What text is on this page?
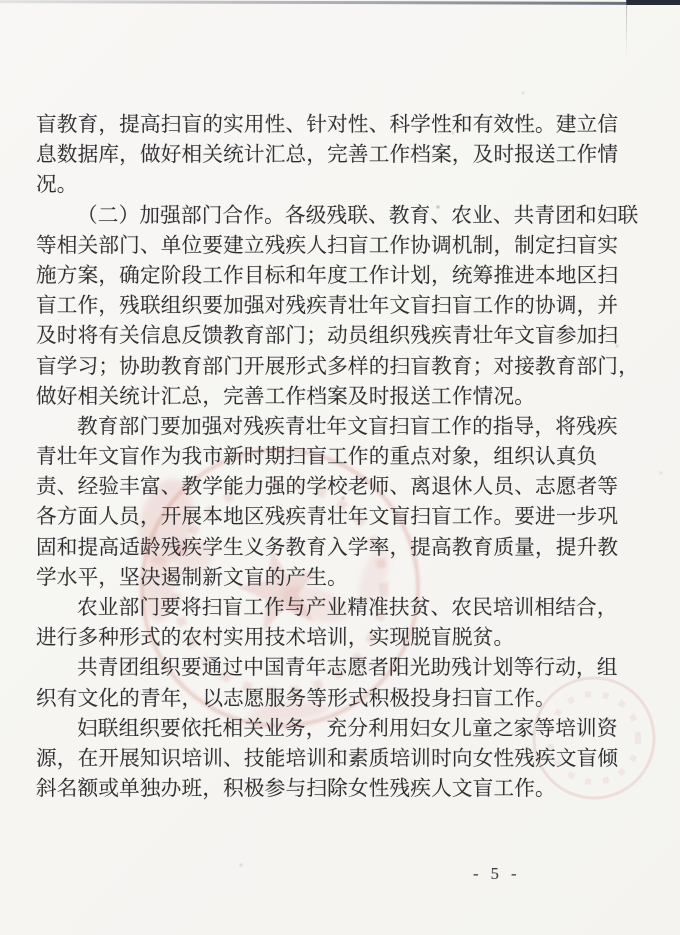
盲教育，提高扫盲的实用性、针对性、科学性和有效性。建立信
息数据库，做好相关统计汇总，完善工作档案，及时报送工作情
况。
（二）加强部门合作。各级残联、教育、农业、共青团和妇联
等相关部门、单位要建立残疾人扫盲工作协调机制，制定扫盲实
施方案，确定阶段工作目标和年度工作计划，统筹推进本地区扫
盲工作，残联组织要加强对残疾青壮年文盲扫盲工作的协调，并
及时将有关信息反馈教育部门；动员组织残疾青壮年文盲参加扫
盲学习；协助教育部门开展形式多样的扫盲教育；对接教育部门，
做好相关统计汇总，完善工作档案及时报送工作情况。
教育部门要加强对残疾青壮年文盲扫盲工作的指导，将残疾
青壮年文盲作为我市新时期扫盲工作的重点对象，组织认真负
责、经验丰富、教学能力强的学校老师、离退休人员、志愿者等
各方面人员，开展本地区残疾青壮年文盲扫盲工作。要进一步巩
固和提高适龄残疾学生义务教育入学率，提高教育质量，提升教
学水平，坚决遏制新文盲的产生。
农业部门要将扫盲工作与产业精准扶贫、农民培训相结合，
进行多种形式的农村实用技术培训，实现脱盲脱贫。
共青团组织要通过中国青年志愿者阳光助残计划等行动，组
织有文化的青年，以志愿服务等形式积极投身扫盲工作。
妇联组织要依托相关业务，充分利用妇女儿童之家等培训资
源，在开展知识培训、技能培训和素质培训时向女性残疾文盲倾
斜名额或单独办班，积极参与扫除女性残疾人文盲工作。
- 5 -
